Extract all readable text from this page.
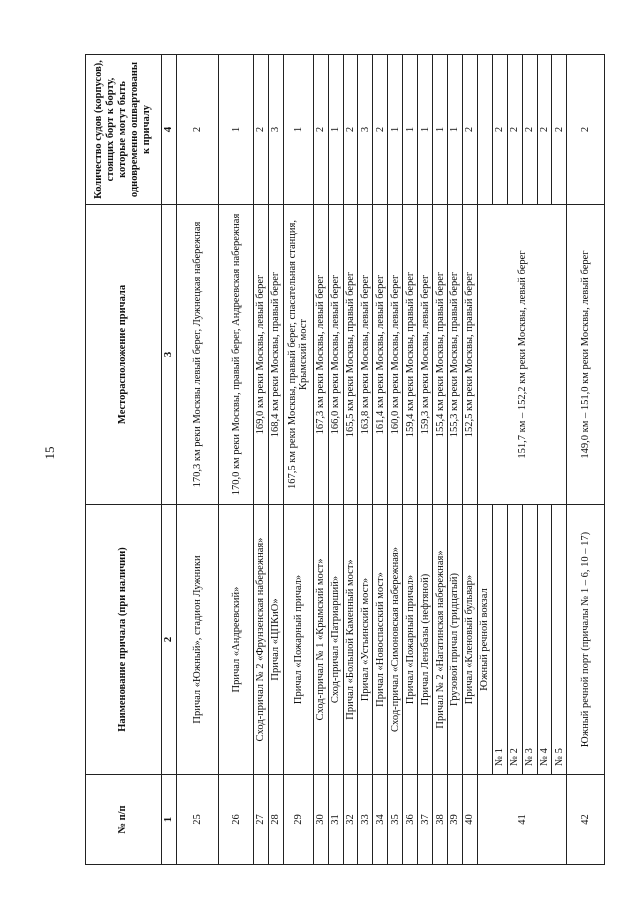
15
№ п/п	Наименование причала (при наличии)	Месторасположение причала	Количество судов (корпусов), стоящих борт к борту, которые могут быть одновременно ошвартованы к причалу
1	2	3	4
25	Причал «Южный», стадион Лужники	170,3 км реки Москвы левый берег, Лужнецкая набережная	2
26	Причал «Андреевский»	170,0 км реки Москвы, правый берег, Андреевская набережная	1
27	Сход-причал № 2 «Фрунзенская набережная»	169,0 км реки Москвы, левый берег	2
28	Причал «ЦПКиО»	168,4 км реки Москвы, правый берег	3
29	Причал «Пожарный причал»	167,5 км реки Москвы, правый берег, спасательная станция, Крымский мост	1
30	Сход-причал № 1 «Крымский мост»	167,3 км реки Москвы, левый берег	2
31	Сход-причал «Патриарший»	166,0 км реки Москвы, левый берег	1
32	Причал «Большой Каменный мост»	165,5 км реки Москвы, правый берег	2
33	Причал «Устьинский мост»	163,8 км реки Москвы, левый берег	3
34	Причал «Новоспасский мост»	161,4 км реки Москвы, левый берег	2
35	Сход-причал «Симоновская набережная»	160,0 км реки Москвы, левый берег	1
36	Причал «Пожарный причал»	159,4 км реки Москвы, правый берег	1
37	Причал Лензбазы (нефтяной)	159,3 км реки Москвы, левый берег	1
38	Причал № 2 «Нагатинская набережная»	155,4 км реки Москвы, правый берег	1
39	Грузовой причал (тридцатый)	155,3 км реки Москвы, правый берег	1
40	Причал «Кленовый бульвар»	152,5 км реки Москвы, правый берег	2
41	Южный речной вокзал	151,7 км – 152,2 км реки Москвы, левый берег	
	№ 1		2
	№ 2		2
	№ 3		2
	№ 4		2
	№ 5		2
42	Южный речной порт (причалы № 1 – 6, 10 – 17)	149,0 км – 151,0 км реки Москвы, левый берег	2
